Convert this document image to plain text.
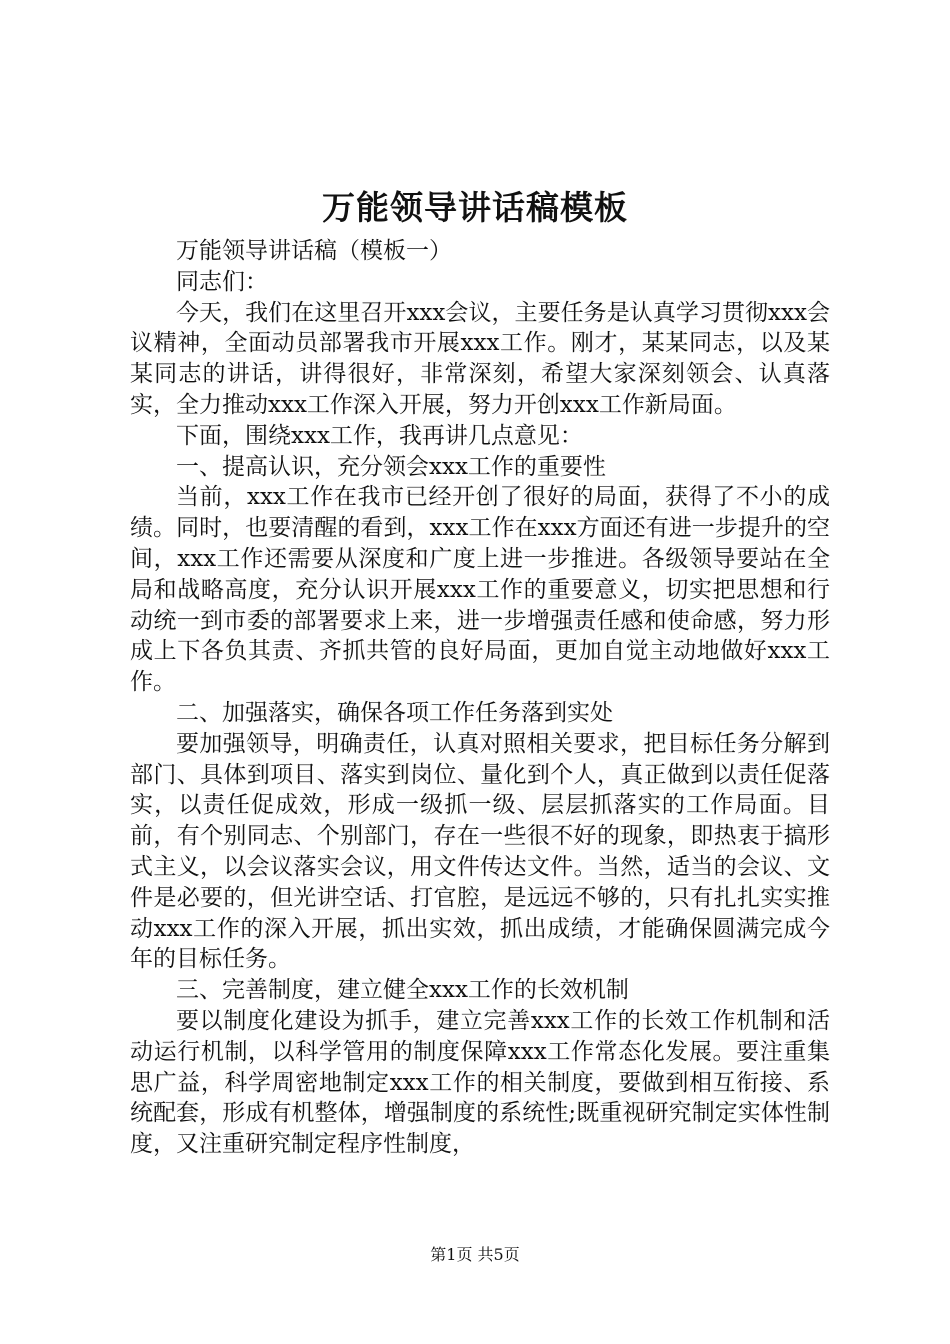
万能领导讲话稿模板

万能领导讲话稿（模板一）

同志们：

今天，我们在这里召开xxx会议，主要任务是认真学习贯彻xxx会议精神，全面动员部署我市开展xxx工作。刚才，某某同志，以及某某同志的讲话，讲得很好，非常深刻，希望大家深刻领会、认真落实，全力推动xxx工作深入开展，努力开创xxx工作新局面。

下面，围绕xxx工作，我再讲几点意见：

一、提高认识，充分领会xxx工作的重要性

当前，xxx工作在我市已经开创了很好的局面，获得了不小的成绩。同时，也要清醒的看到，xxx工作在xxx方面还有进一步提升的空间，xxx工作还需要从深度和广度上进一步推进。各级领导要站在全局和战略高度，充分认识开展xxx工作的重要意义，切实把思想和行动统一到市委的部署要求上来，进一步增强责任感和使命感，努力形成上下各负其责、齐抓共管的良好局面，更加自觉主动地做好xxx工作。

二、加强落实，确保各项工作任务落到实处

要加强领导，明确责任，认真对照相关要求，把目标任务分解到部门、具体到项目、落实到岗位、量化到个人，真正做到以责任促落实，以责任促成效，形成一级抓一级、层层抓落实的工作局面。目前，有个别同志、个别部门，存在一些很不好的现象，即热衷于搞形式主义，以会议落实会议，用文件传达文件。当然，适当的会议、文件是必要的，但光讲空话、打官腔，是远远不够的，只有扎扎实实推动xxx工作的深入开展，抓出实效，抓出成绩，才能确保圆满完成今年的目标任务。

三、完善制度，建立健全xxx工作的长效机制

要以制度化建设为抓手，建立完善xxx工作的长效工作机制和活动运行机制，以科学管用的制度保障xxx工作常态化发展。要注重集思广益，科学周密地制定xxx工作的相关制度，要做到相互衔接、系统配套，形成有机整体，增强制度的系统性;既重视研究制定实体性制度，又注重研究制定程序性制度，

第1页 共5页
